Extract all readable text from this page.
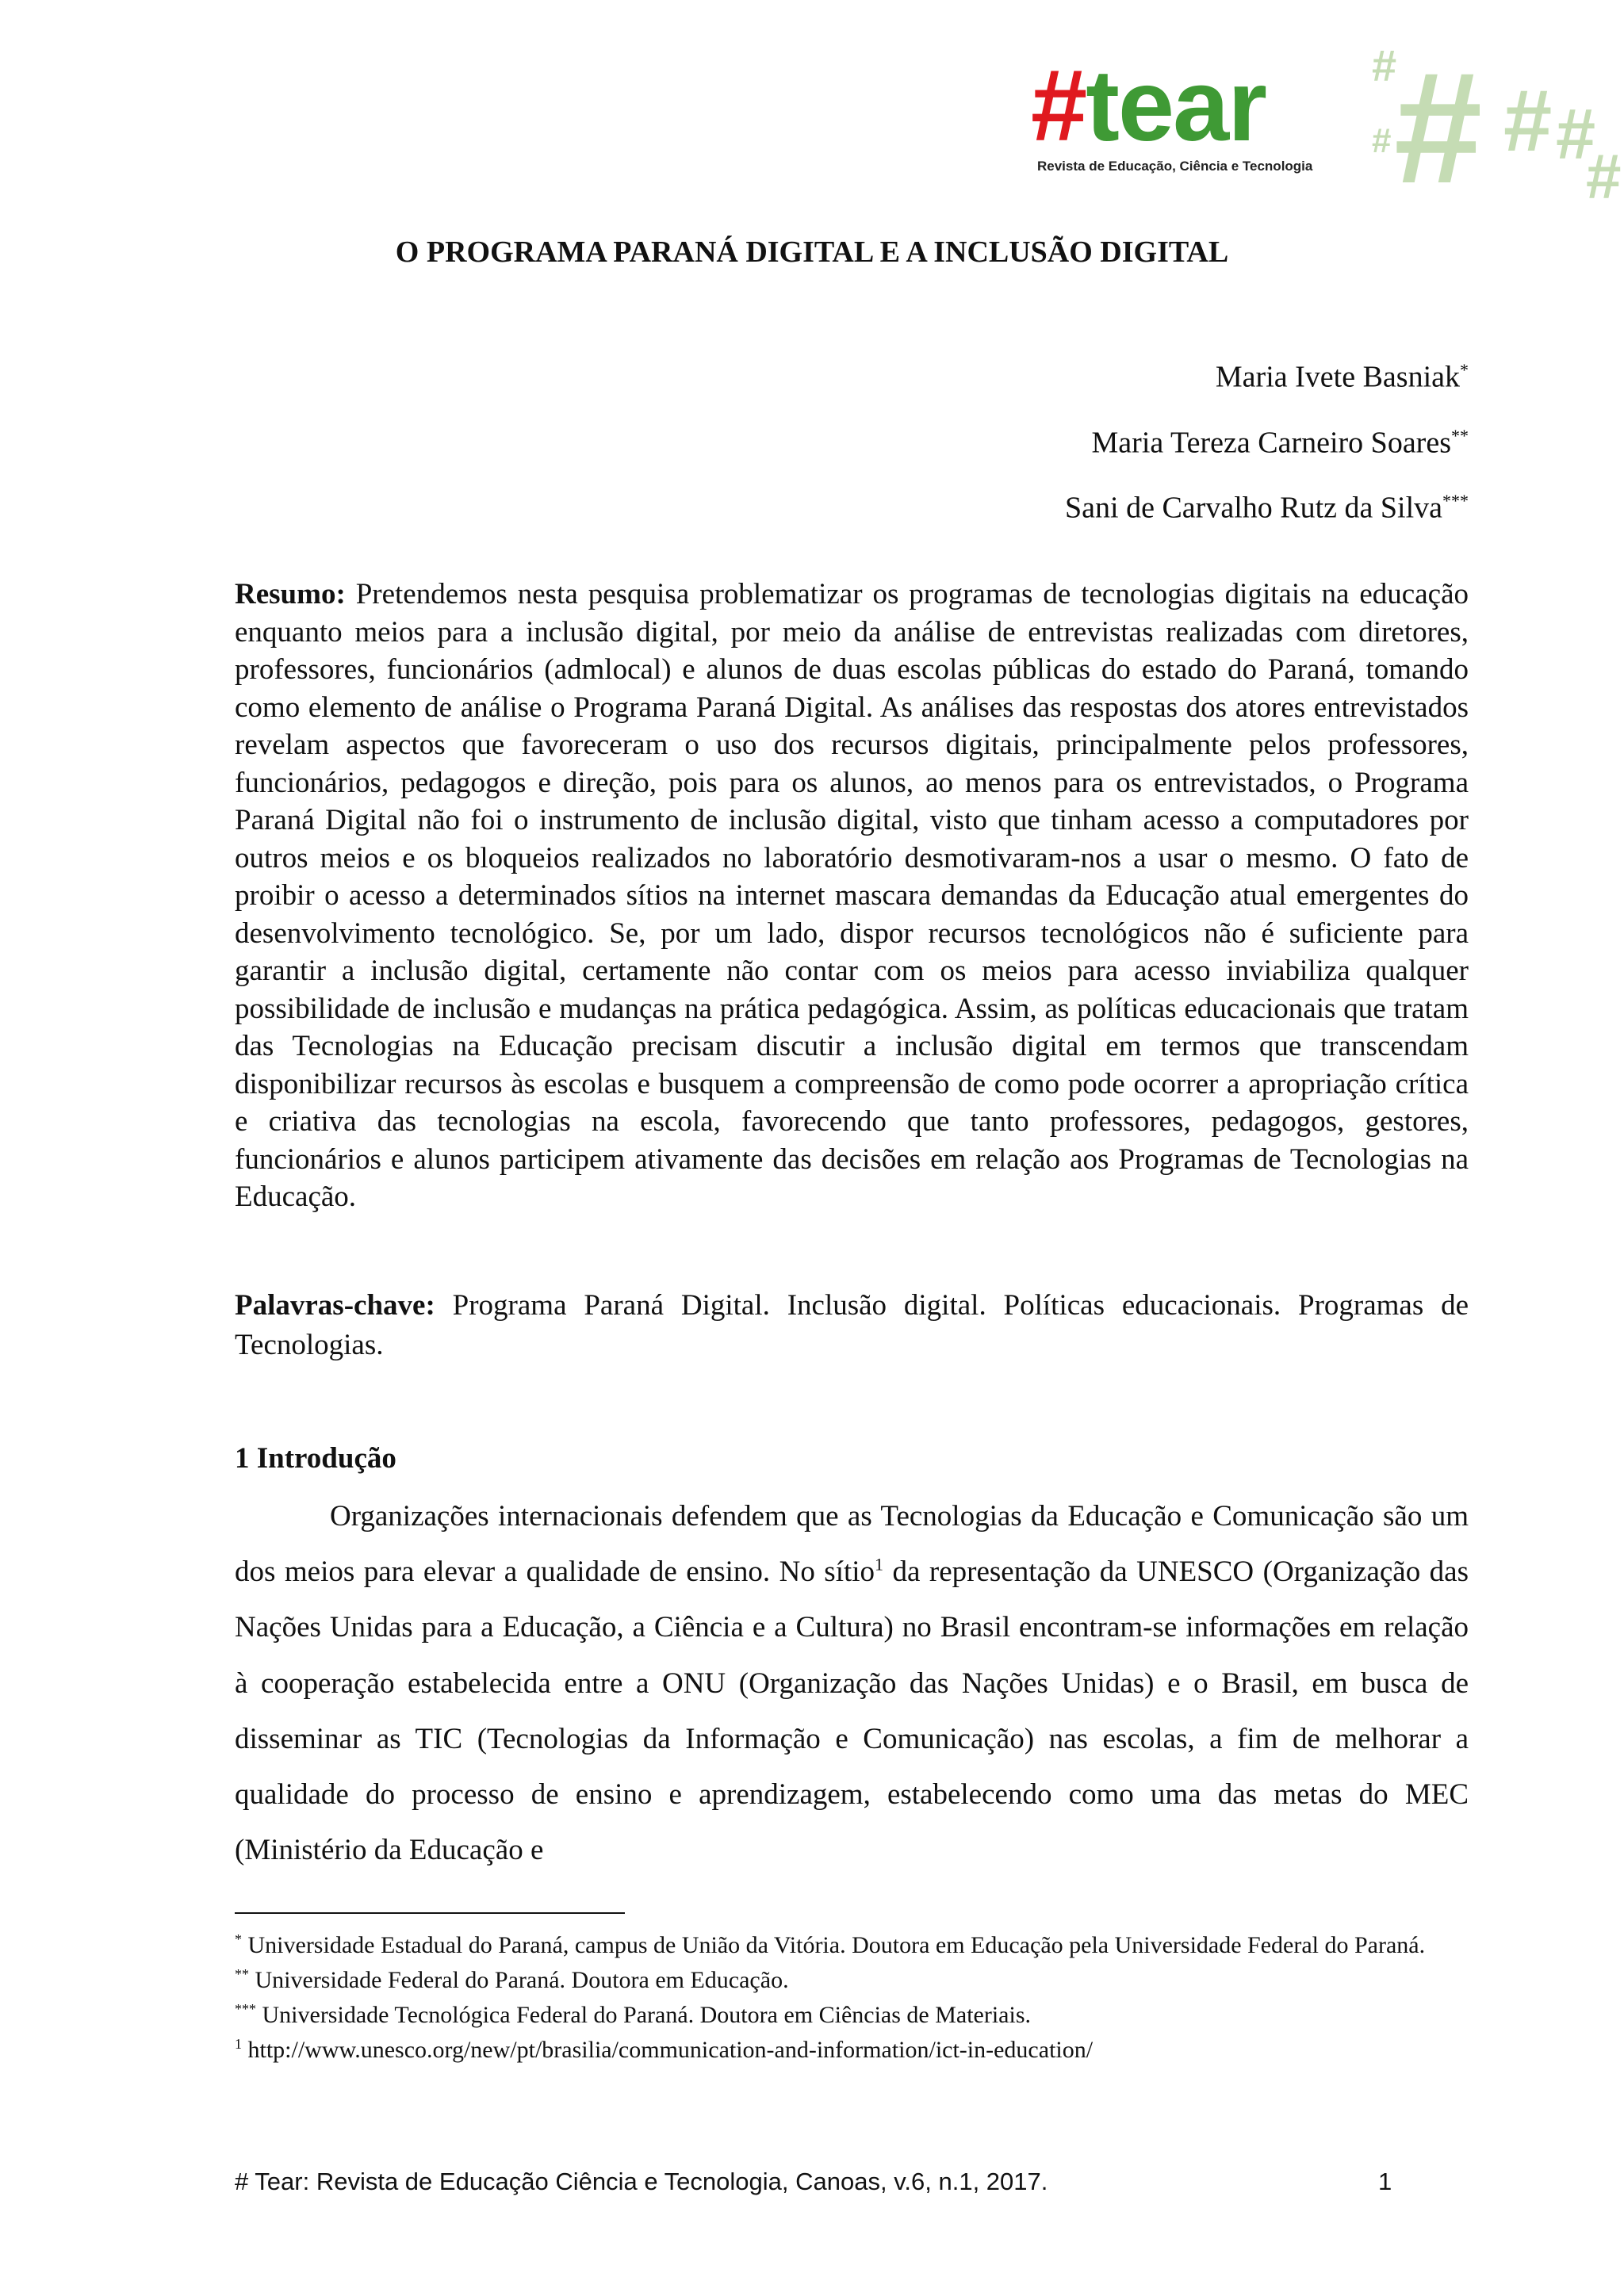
#tear
Revista de Educação, Ciência e Tecnologia
#
# # # #
#
O PROGRAMA PARANÁ DIGITAL E A INCLUSÃO DIGITAL
Maria Ivete Basniak*
Maria Tereza Carneiro Soares**
Sani de Carvalho Rutz da Silva***
Resumo: Pretendemos nesta pesquisa problematizar os programas de tecnologias digitais na educação enquanto meios para a inclusão digital, por meio da análise de entrevistas realizadas com diretores, professores, funcionários (admlocal) e alunos de duas escolas públicas do estado do Paraná, tomando como elemento de análise o Programa Paraná Digital. As análises das respostas dos atores entrevistados revelam aspectos que favoreceram o uso dos recursos digitais, principalmente pelos professores, funcionários, pedagogos e direção, pois para os alunos, ao menos para os entrevistados, o Programa Paraná Digital não foi o instrumento de inclusão digital, visto que tinham acesso a computadores por outros meios e os bloqueios realizados no laboratório desmotivaram-nos a usar o mesmo. O fato de proibir o acesso a determinados sítios na internet mascara demandas da Educação atual emergentes do desenvolvimento tecnológico. Se, por um lado, dispor recursos tecnológicos não é suficiente para garantir a inclusão digital, certamente não contar com os meios para acesso inviabiliza qualquer possibilidade de inclusão e mudanças na prática pedagógica. Assim, as políticas educacionais que tratam das Tecnologias na Educação precisam discutir a inclusão digital em termos que transcendam disponibilizar recursos às escolas e busquem a compreensão de como pode ocorrer a apropriação crítica e criativa das tecnologias na escola, favorecendo que tanto professores, pedagogos, gestores, funcionários e alunos participem ativamente das decisões em relação aos Programas de Tecnologias na Educação.
Palavras-chave: Programa Paraná Digital. Inclusão digital. Políticas educacionais. Programas de Tecnologias.
1 Introdução
Organizações internacionais defendem que as Tecnologias da Educação e Comunicação são um dos meios para elevar a qualidade de ensino. No sítio$^1$ da representação da UNESCO (Organização das Nações Unidas para a Educação, a Ciência e a Cultura) no Brasil encontram-se informações em relação à cooperação estabelecida entre a ONU (Organização das Nações Unidas) e o Brasil, em busca de disseminar as TIC (Tecnologias da Informação e Comunicação) nas escolas, a fim de melhorar a qualidade do processo de ensino e aprendizagem, estabelecendo como uma das metas do MEC (Ministério da Educação e

* Universidade Estadual do Paraná, campus de União da Vitória. Doutora em Educação pela Universidade Federal do Paraná.

** Universidade Federal do Paraná. Doutora em Educação.

*** Universidade Tecnológica Federal do Paraná. Doutora em Ciências de Materiais.

$^1$ http://www.unesco.org/new/pt/brasilia/communication-and-information/ict-in-education/

# Tear: Revista de Educação Ciência e Tecnologia, Canoas, v.6, n.1, 2017.	1
